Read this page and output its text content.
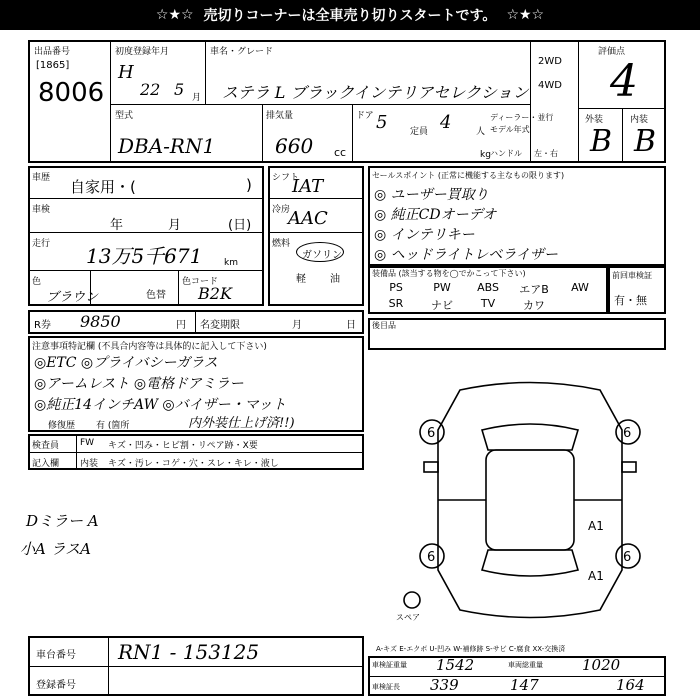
☆★☆ 売切りコーナーは全車売り切りスタートです。 ☆★☆
出品番号
[1865]
8006
初度登録年月
H
22 5 月
車名・グレード
ステラ L ブラックインテリアセレクション
2WD
4WD
評価点
4
外装	内装
B B
型式
DBA-RN1
排気量
660 cc
ドア 5	定員 4	人
kg
ディーラー・並行
モデル年式
ハンドル 左・右
車歴 自家用・(	)
車検
年	月	(日)
走行 13万5千671 km
色
ブラウン	色替
色コード
B2K
シフト
IAT
冷房
AAC
燃料
ガソリン
軽 油
セールスポイント (正常に機能する主なもの限ります)
◎ ユーザー買取り
◎ 純正CDオーデオ
◎ インテリキー
◎ ヘッドライトレベライザー
装備品 (該当する物を◯でかこって下さい)
PS	PW	ABS	エアB	AW
SR	ナビ	TV	カワ
前回車検証
有・無
R券 9850	円 名変期限	月	日 後目品
注意事項特記欄 (不具合内容等は具体的に記入して下さい)
◎ETC ◎プライバシーガラス
◎アームレスト ◎電格ドアミラー
◎純正14インチAW ◎バイザー・マット
修復歴 有 (箇所	内外装仕上げ済!!)
検査員 FW キズ・凹み・ヒビ割・リペア跡・X要
記入欄 内装 キズ・汚レ・コゲ・穴・スレ・キレ・液し
Dミラー A
小A ラスA
6	6
6	6
A1
A1
スペア
車台番号 RN1 - 153125
登録番号
A-キズ E-エクボ U-凹み W-補修跡 S-サビ C-腐食 XX-交換済
車検証重量 1542	車両総重量	1020
車検証長 339	147	164
